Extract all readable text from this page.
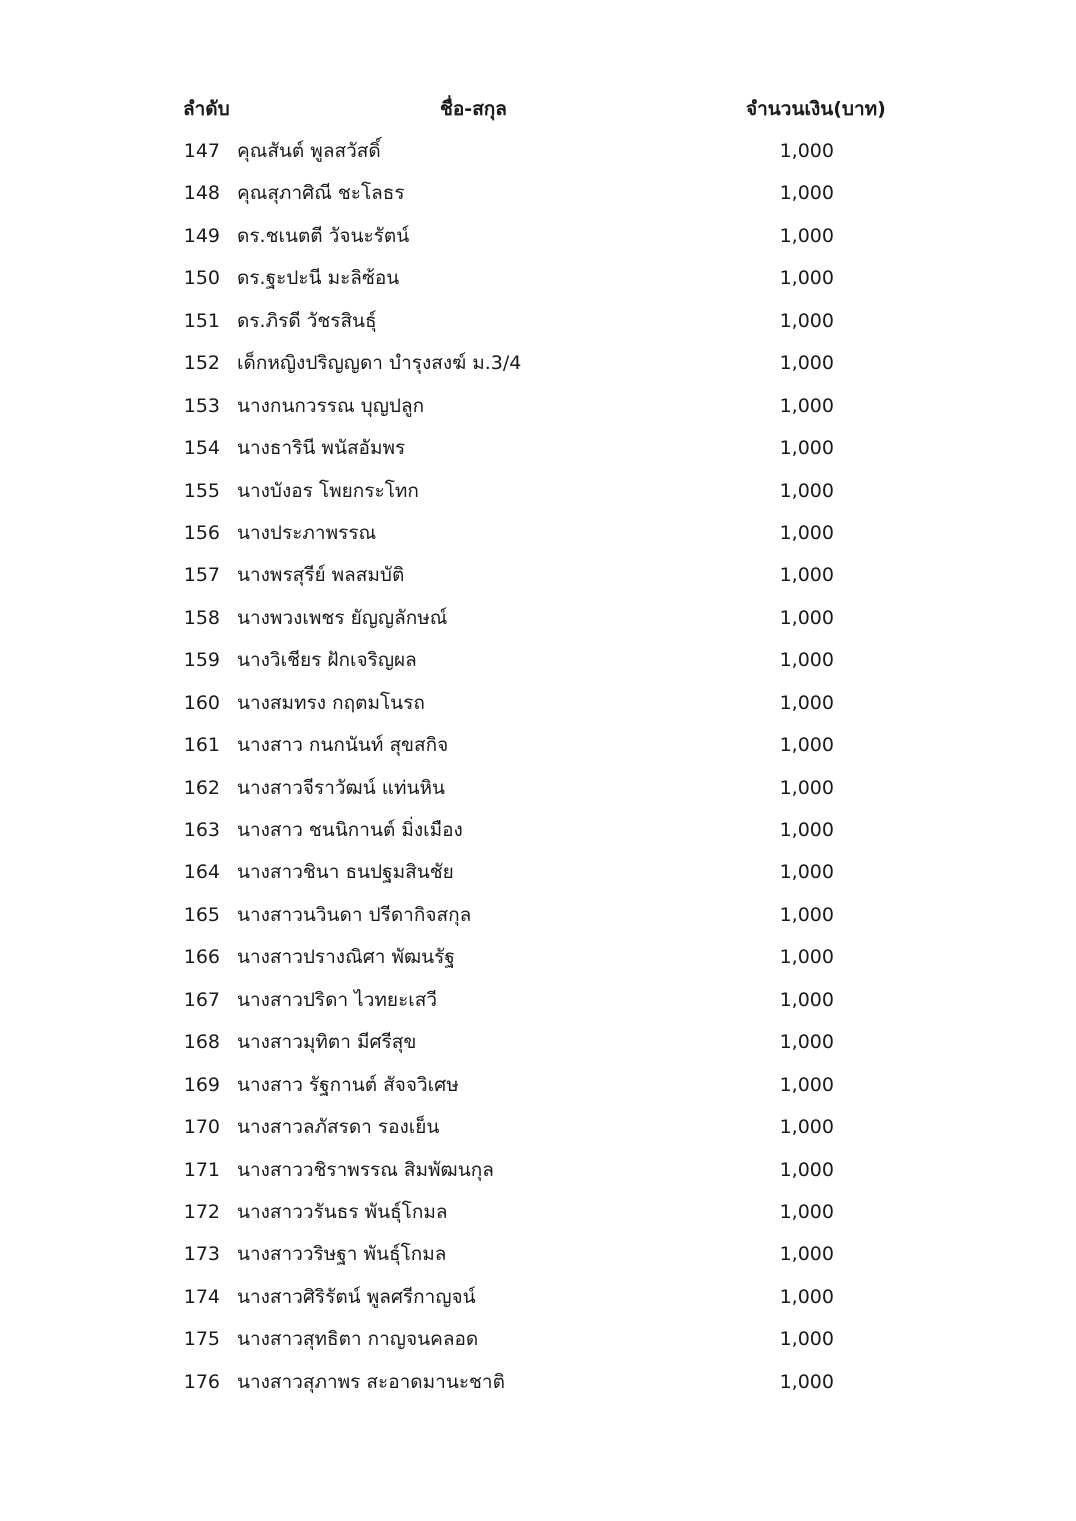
ลำดับ	ชื่อ-สกุล	จำนวนเงิน(บาท)
147 คุณสันต์ พูลสวัสดิ์	1,000
148 คุณสุภาศิณี ชะโลธร	1,000
149 ดร.ชเนตตี วัจนะรัตน์	1,000
150 ดร.ฐะปะนี มะลิซ้อน	1,000
151 ดร.ภิรดี วัชรสินธุ์	1,000
152 เด็กหญิงปริญญดา บำรุงสงฆ์ ม.3/4	1,000
153 นางกนกวรรณ บุญปลูก	1,000
154 นางธารินี พนัสอัมพร	1,000
155 นางบังอร โพยกระโทก	1,000
156 นางประภาพรรณ	1,000
157 นางพรสุรีย์ พลสมบัติ	1,000
158 นางพวงเพชร ยัญญลักษณ์	1,000
159 นางวิเชียร ฝักเจริญผล	1,000
160 นางสมทรง กฤตมโนรถ	1,000
161 นางสาว กนกนันท์ สุขสกิจ	1,000
162 นางสาวจีราวัฒน์ แท่นหิน	1,000
163 นางสาว ชนนิกานต์ มิ่งเมือง	1,000
164 นางสาวชินา ธนปฐมสินชัย	1,000
165 นางสาวนวินดา ปรีดากิจสกุล	1,000
166 นางสาวปรางณิศา พัฒนรัฐ	1,000
167 นางสาวปริดา ไวทยะเสวี	1,000
168 นางสาวมุทิตา มีศรีสุข	1,000
169 นางสาว รัฐกานต์ สัจจวิเศษ	1,000
170 นางสาวลภัสรดา รองเย็น	1,000
171 นางสาววชิราพรรณ สิมพัฒนกุล	1,000
172 นางสาววรันธร พันธุ์โกมล	1,000
173 นางสาววริษฐา พันธุ์โกมล	1,000
174 นางสาวศิริรัตน์ พูลศรีกาญจน์	1,000
175 นางสาวสุทธิตา กาญจนคลอด	1,000
176 นางสาวสุภาพร สะอาดมานะชาติ	1,000
